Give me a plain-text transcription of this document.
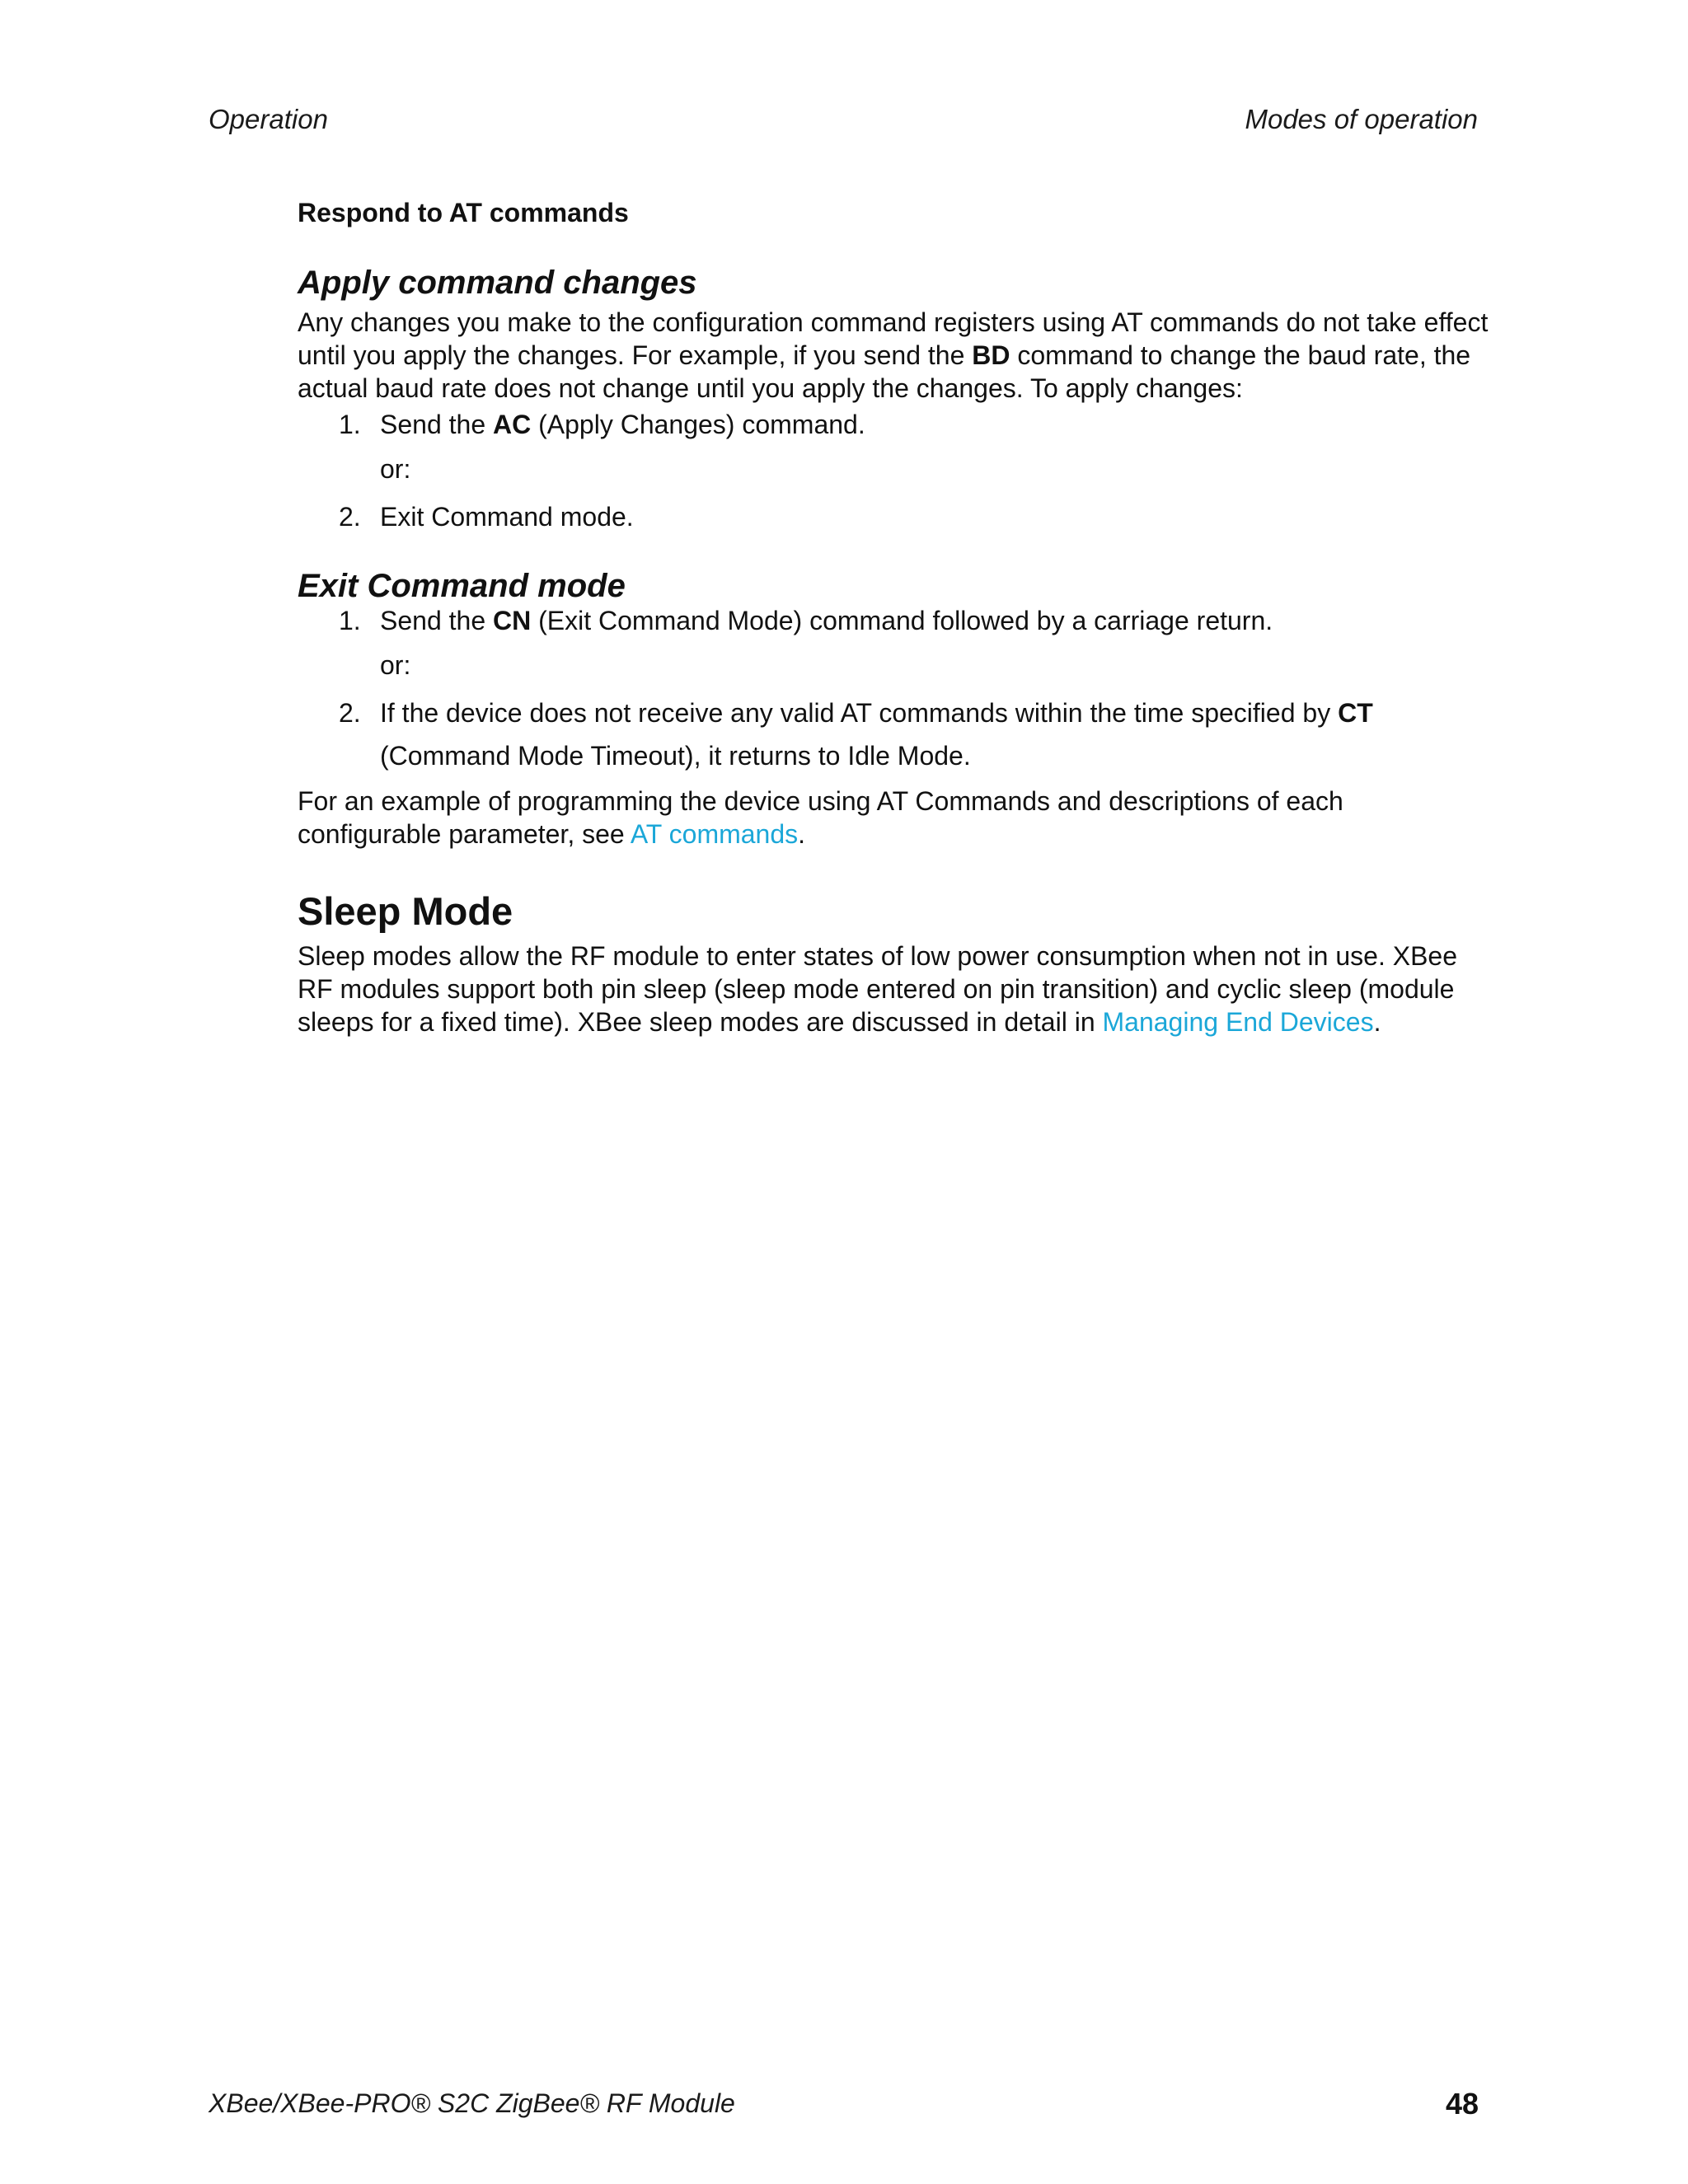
Operation	Modes of operation

Respond to AT commands

Apply command changes

Any changes you make to the configuration command registers using AT commands do not take effect until you apply the changes. For example, if you send the BD command to change the baud rate, the actual baud rate does not change until you apply the changes. To apply changes:

1. Send the AC (Apply Changes) command.

or:

2. Exit Command mode.

Exit Command mode

1. Send the CN (Exit Command Mode) command followed by a carriage return.

or:

2. If the device does not receive any valid AT commands within the time specified by CT

(Command Mode Timeout), it returns to Idle Mode.

For an example of programming the device using AT Commands and descriptions of each configurable parameter, see AT commands.

Sleep Mode

Sleep modes allow the RF module to enter states of low power consumption when not in use. XBee RF modules support both pin sleep (sleep mode entered on pin transition) and cyclic sleep (module sleeps for a fixed time). XBee sleep modes are discussed in detail in Managing End Devices.

XBee/XBee-PRO® S2C ZigBee® RF Module	48
